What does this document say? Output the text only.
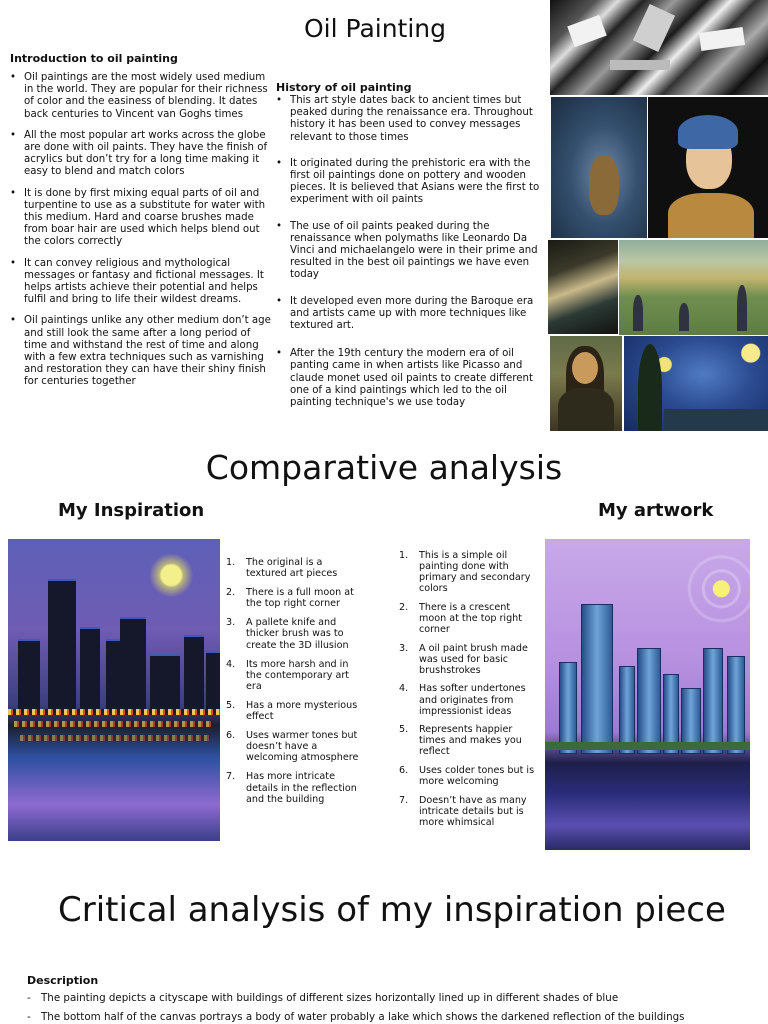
Oil Painting
Introduction to oil painting
• Oil paintings are the most widely used medium in the world. They are popular for their richness of color and the easiness of blending. It dates back centuries to Vincent van Goghs times
• All the most popular art works across the globe are done with oil paints. They have the finish of acrylics but don’t try for a long time making it easy to blend and match colors
• It is done by first mixing equal parts of oil and turpentine to use as a substitute for water with this medium. Hard and coarse brushes made from boar hair are used which helps blend out the colors correctly
• It can convey religious and mythological messages or fantasy and fictional messages. It helps artists achieve their potential and helps fulfil and bring to life their wildest dreams.
• Oil paintings unlike any other medium don’t age and still look the same after a long period of time and withstand the rest of time and along with a few extra techniques such as varnishing and restoration they can have their shiny finish for centuries together
History of oil painting
• This art style dates back to ancient times but peaked during the renaissance era. Throughout history it has been used to convey messages relevant to those times
• It originated during the prehistoric era with the first oil paintings done on pottery and wooden pieces. It is believed that Asians were the first to experiment with oil paints
• The use of oil paints peaked during the renaissance when polymaths like Leonardo Da Vinci and michaelangelo were in their prime and resulted in the best oil paintings we have even today
• It developed even more during the Baroque era and artists came up with more techniques like textured art.
• After the 19th century the modern era of oil panting came in when artists like Picasso and claude monet used oil paints to create different one of a kind paintings which led to the oil painting technique's we use today
Comparative analysis
My Inspiration	My artwork
1. The original is a textured art pieces
2. There is a full moon at the top right corner
3. A pallete knife and thicker brush was to create the 3D illusion
4. Its more harsh and in the contemporary art era
5. Has a more mysterious effect
6. Uses warmer tones but doesn’t have a welcoming atmosphere
7. Has more intricate details in the reflection and the building
1. This is a simple oil painting done with primary and secondary colors
2. There is a crescent moon at the top right corner
3. A oil paint brush made was used for basic brushstrokes
4. Has softer undertones and originates from impressionist ideas
5. Represents happier times and makes you reflect
6. Uses colder tones but is more welcoming
7. Doesn’t have as many intricate details but is more whimsical
Critical analysis of my inspiration piece
Description
- The painting depicts a cityscape with buildings of different sizes horizontally lined up in different shades of blue
- The bottom half of the canvas portrays a body of water probably a lake which shows the darkened reflection of the buildings
